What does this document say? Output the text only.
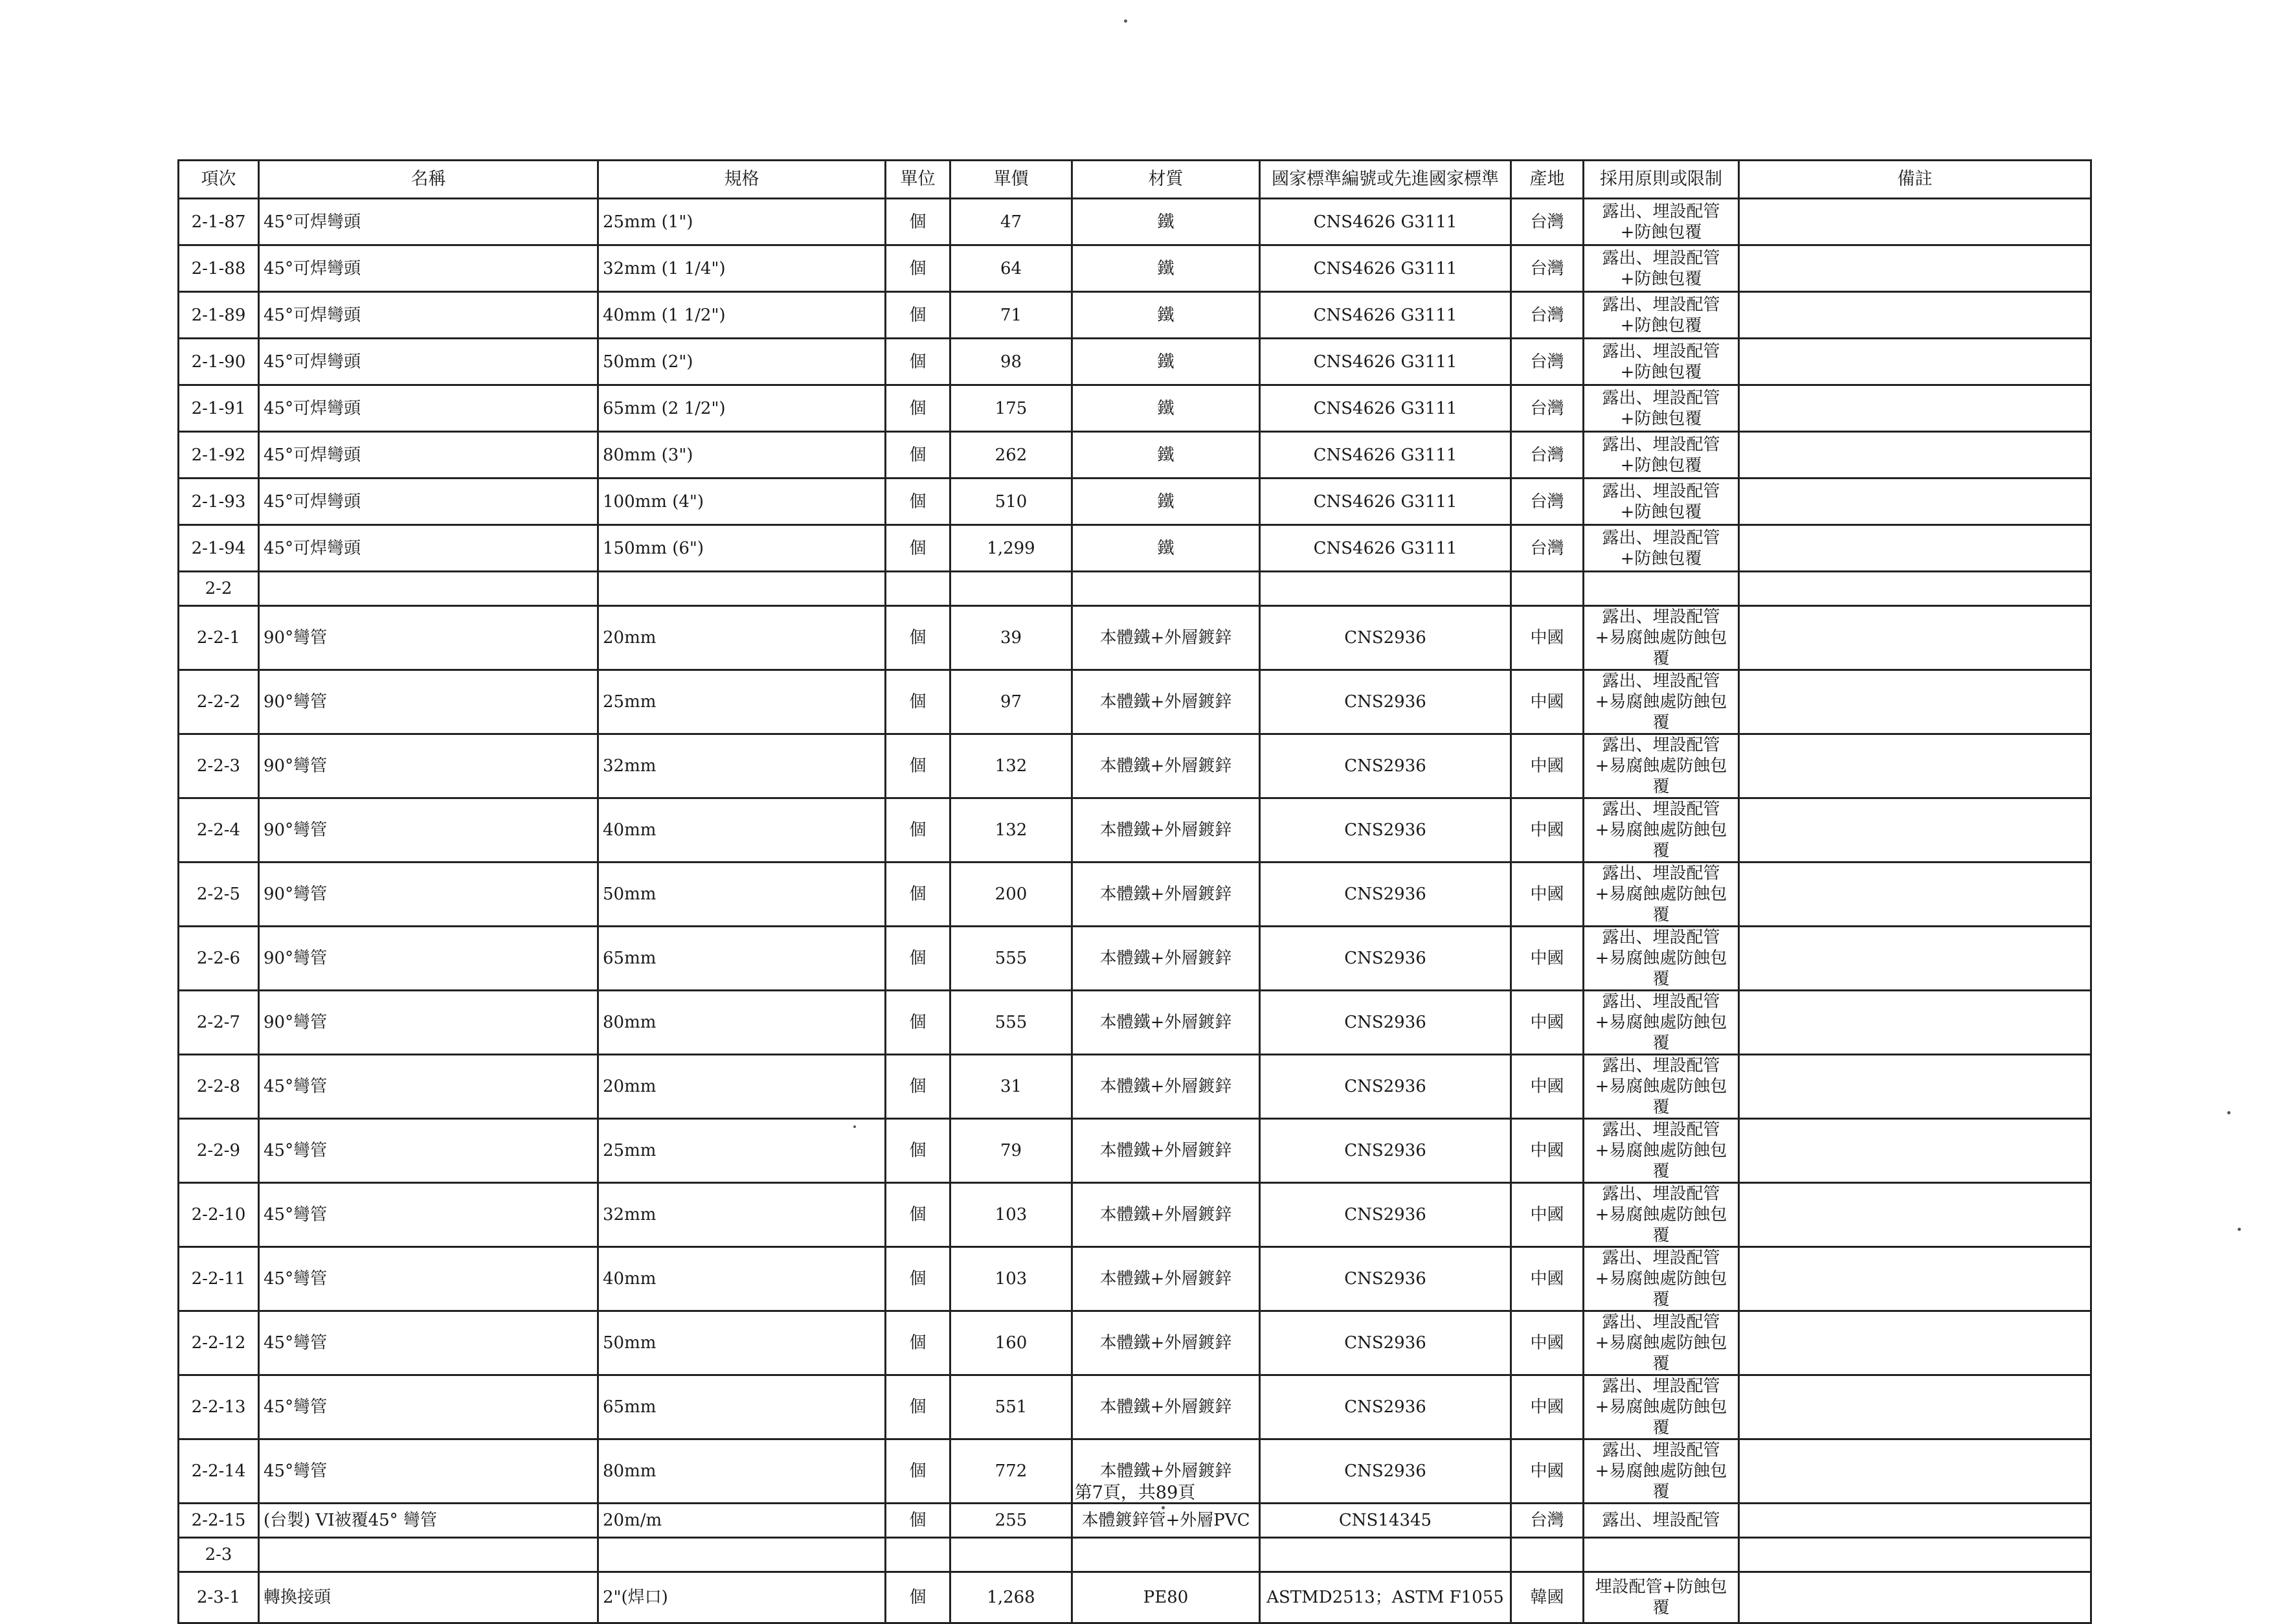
項次	名稱	規格	單位	單價	材質	國家標準編號或先進國家標準	產地	採用原則或限制	備註
2-1-87	45°可焊彎頭	25mm (1")	個	47	鐵	CNS4626 G3111	台灣	露出、埋設配管+防蝕包覆	
2-1-88	45°可焊彎頭	32mm (1 1/4")	個	64	鐵	CNS4626 G3111	台灣	露出、埋設配管+防蝕包覆	
2-1-89	45°可焊彎頭	40mm (1 1/2")	個	71	鐵	CNS4626 G3111	台灣	露出、埋設配管+防蝕包覆	
2-1-90	45°可焊彎頭	50mm (2")	個	98	鐵	CNS4626 G3111	台灣	露出、埋設配管+防蝕包覆	
2-1-91	45°可焊彎頭	65mm (2 1/2")	個	175	鐵	CNS4626 G3111	台灣	露出、埋設配管+防蝕包覆	
2-1-92	45°可焊彎頭	80mm (3")	個	262	鐵	CNS4626 G3111	台灣	露出、埋設配管+防蝕包覆	
2-1-93	45°可焊彎頭	100mm (4")	個	510	鐵	CNS4626 G3111	台灣	露出、埋設配管+防蝕包覆	
2-1-94	45°可焊彎頭	150mm (6")	個	1,299	鐵	CNS4626 G3111	台灣	露出、埋設配管+防蝕包覆	
2-2									
2-2-1	90°彎管	20mm	個	39	本體鐵+外層鍍鋅	CNS2936	中國	露出、埋設配管+易腐蝕處防蝕包覆	
2-2-2	90°彎管	25mm	個	97	本體鐵+外層鍍鋅	CNS2936	中國	露出、埋設配管+易腐蝕處防蝕包覆	
2-2-3	90°彎管	32mm	個	132	本體鐵+外層鍍鋅	CNS2936	中國	露出、埋設配管+易腐蝕處防蝕包覆	
2-2-4	90°彎管	40mm	個	132	本體鐵+外層鍍鋅	CNS2936	中國	露出、埋設配管+易腐蝕處防蝕包覆	
2-2-5	90°彎管	50mm	個	200	本體鐵+外層鍍鋅	CNS2936	中國	露出、埋設配管+易腐蝕處防蝕包覆	
2-2-6	90°彎管	65mm	個	555	本體鐵+外層鍍鋅	CNS2936	中國	露出、埋設配管+易腐蝕處防蝕包覆	
2-2-7	90°彎管	80mm	個	555	本體鐵+外層鍍鋅	CNS2936	中國	露出、埋設配管+易腐蝕處防蝕包覆	
2-2-8	45°彎管	20mm	個	31	本體鐵+外層鍍鋅	CNS2936	中國	露出、埋設配管+易腐蝕處防蝕包覆	
2-2-9	45°彎管	25mm	個	79	本體鐵+外層鍍鋅	CNS2936	中國	露出、埋設配管+易腐蝕處防蝕包覆	
2-2-10	45°彎管	32mm	個	103	本體鐵+外層鍍鋅	CNS2936	中國	露出、埋設配管+易腐蝕處防蝕包覆	
2-2-11	45°彎管	40mm	個	103	本體鐵+外層鍍鋅	CNS2936	中國	露出、埋設配管+易腐蝕處防蝕包覆	
2-2-12	45°彎管	50mm	個	160	本體鐵+外層鍍鋅	CNS2936	中國	露出、埋設配管+易腐蝕處防蝕包覆	
2-2-13	45°彎管	65mm	個	551	本體鐵+外層鍍鋅	CNS2936	中國	露出、埋設配管+易腐蝕處防蝕包覆	
2-2-14	45°彎管	80mm	個	772	本體鐵+外層鍍鋅	CNS2936	中國	露出、埋設配管+易腐蝕處防蝕包覆	
2-2-15	(台製) VI被覆45° 彎管	20m/m	個	255	本體鍍鋅管+外層PVC	CNS14345	台灣	露出、埋設配管	
2-3									
2-3-1	轉換接頭	2"(焊口)	個	1,268	PE80	ASTMD2513；ASTM F1055	韓國	埋設配管+防蝕包覆	
第7頁，共89頁
